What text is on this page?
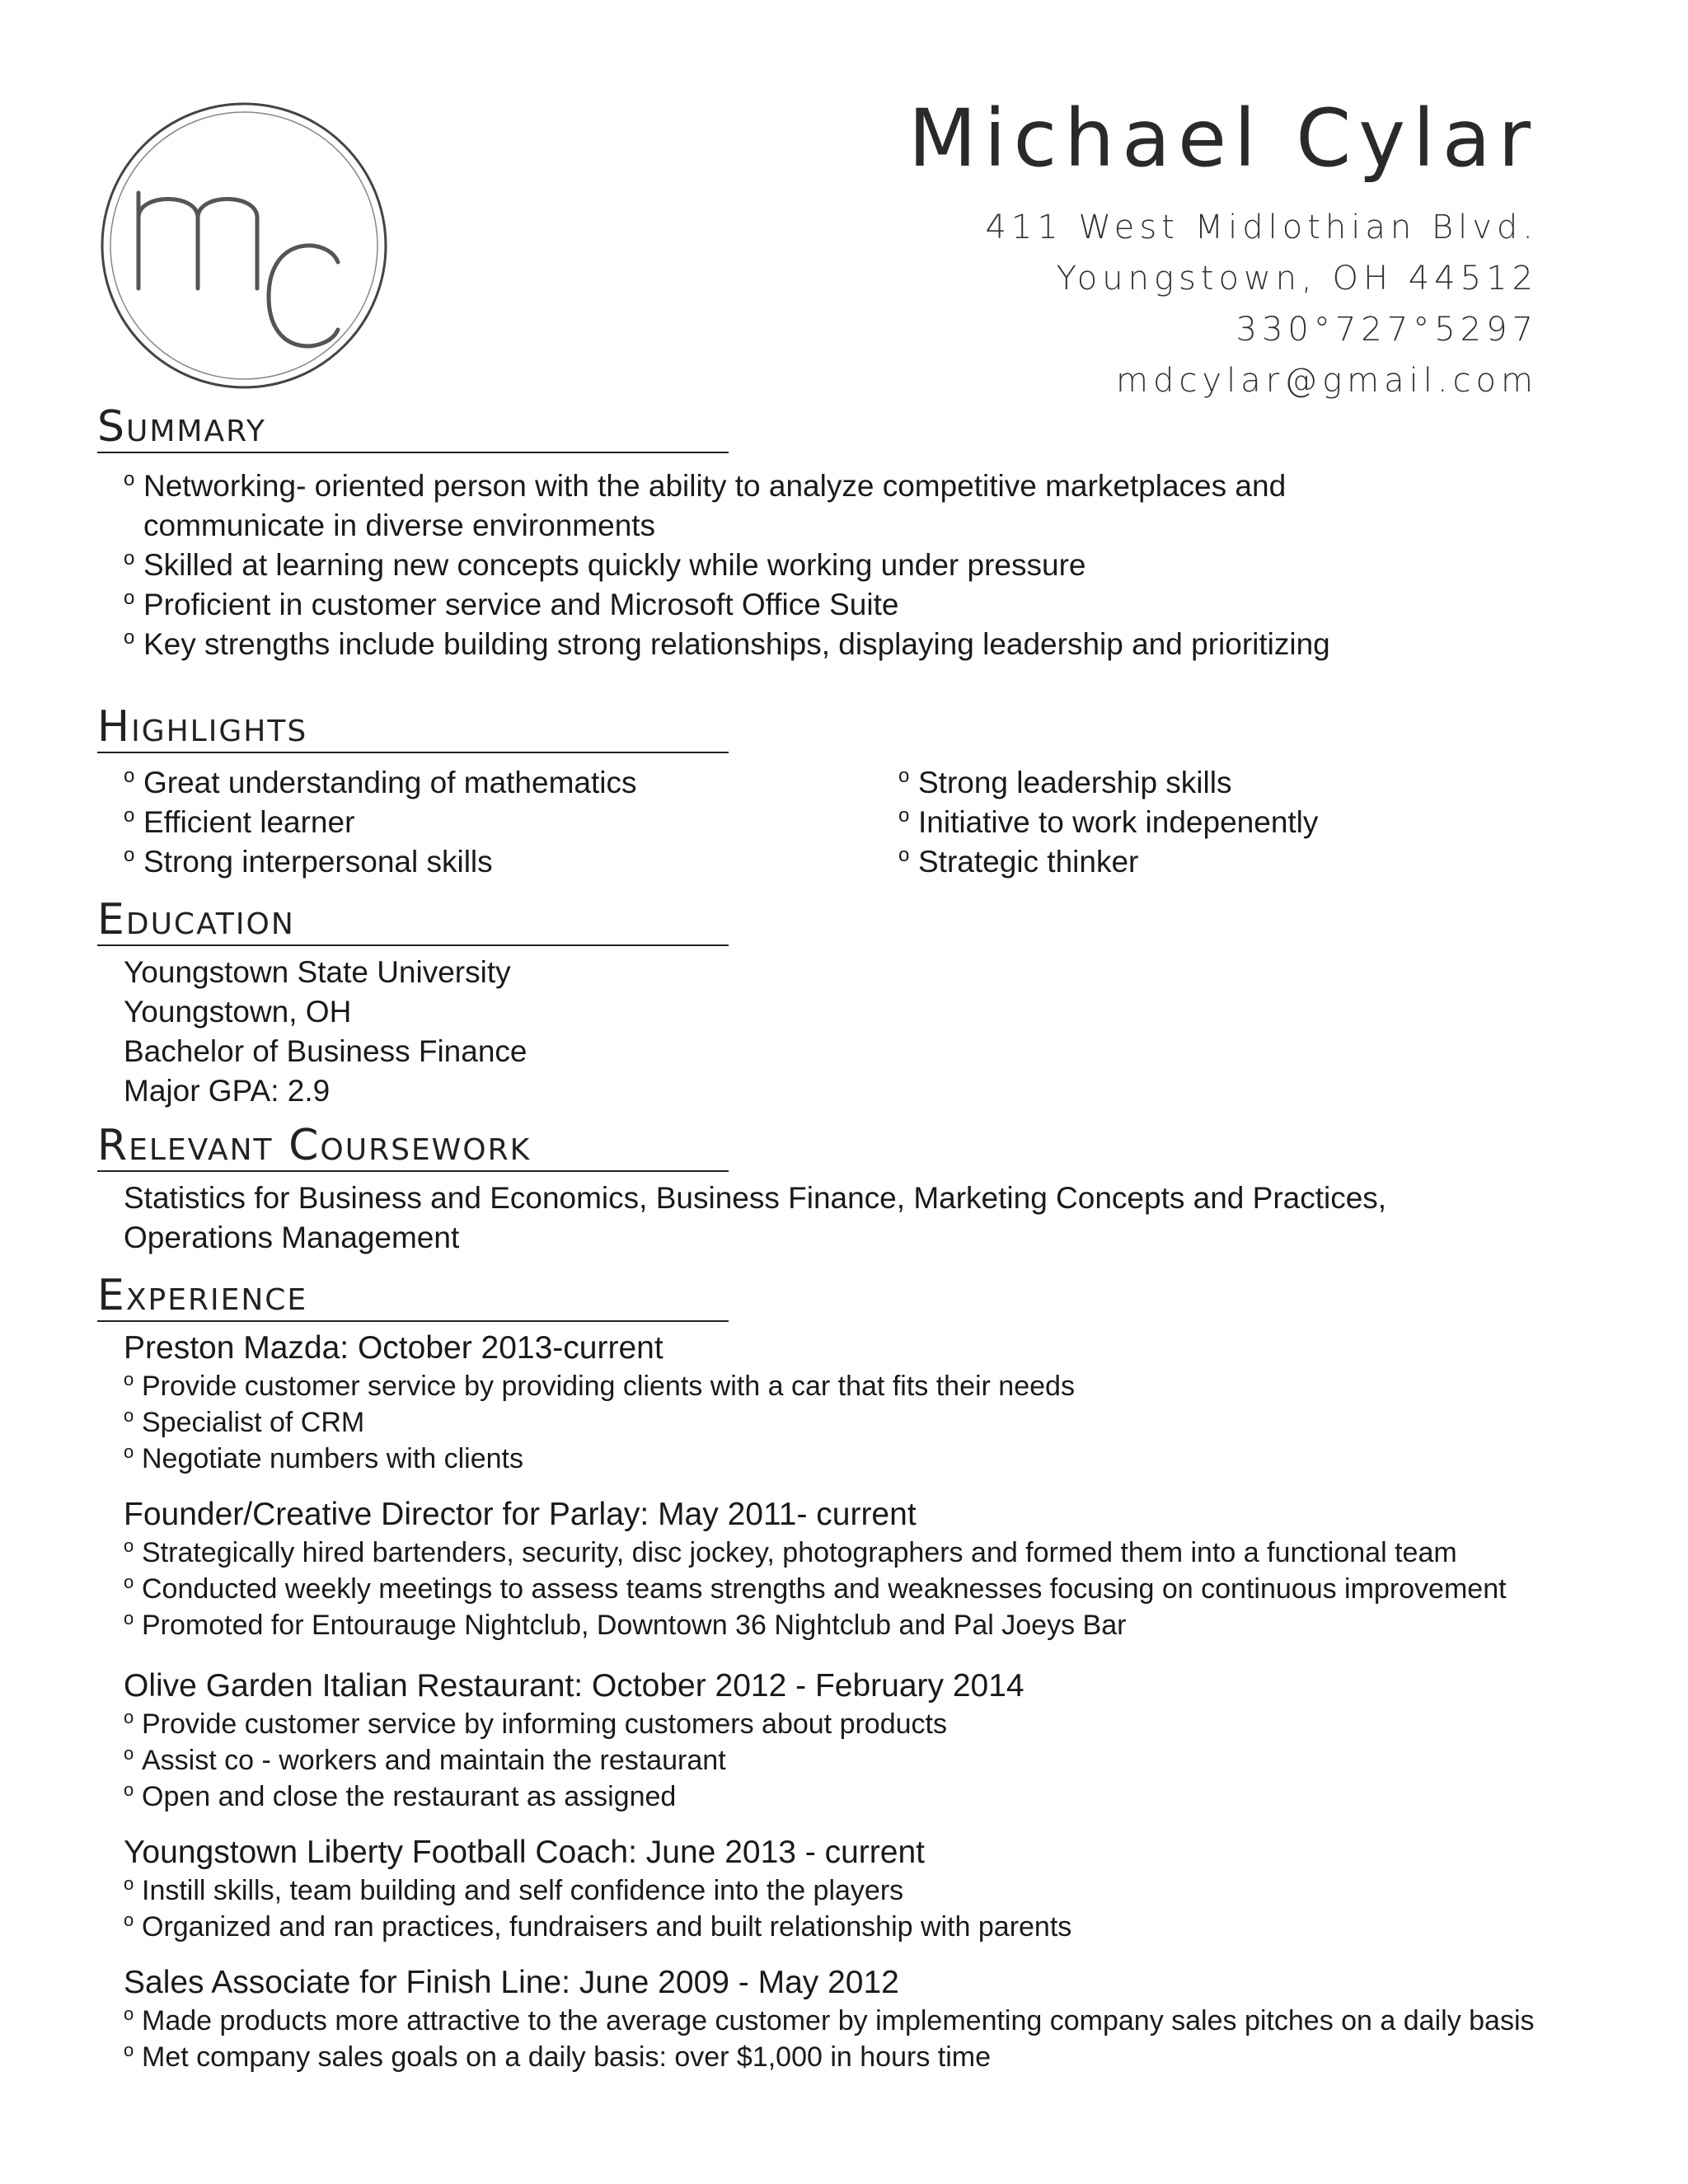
Michael Cylar
411 West Midlothian Blvd.
Youngstown, OH 44512
330°727°5297
mdcylar@gmail.com
Summary
o Networking- oriented person with the ability to analyze competitive marketplaces and communicate in diverse environments
o Skilled at learning new concepts quickly while working under pressure
o Proficient in customer service and Microsoft Office Suite
o Key strengths include building strong relationships, displaying leadership and prioritizing
Highlights
o Great understanding of mathematics
o Efficient learner
o Strong interpersonal skills
o Strong leadership skills
o Initiative to work indepenently
o Strategic thinker
Education
Youngstown State University
Youngstown, OH
Bachelor of Business Finance
Major GPA: 2.9
Relevant Coursework
Statistics for Business and Economics, Business Finance, Marketing Concepts and Practices,
Operations Management
Experience
Preston Mazda: October 2013-current
o Provide customer service by providing clients with a car that fits their needs
o Specialist of CRM
o Negotiate numbers with clients
Founder/Creative Director for Parlay: May 2011- current
o Strategically hired bartenders, security, disc jockey, photographers and formed them into a functional team
o Conducted weekly meetings to assess teams strengths and weaknesses focusing on continuous improvement
o Promoted for Entourauge Nightclub, Downtown 36 Nightclub and Pal Joeys Bar
Olive Garden Italian Restaurant: October 2012 - February 2014
o Provide customer service by informing customers about products
o Assist co - workers and maintain the restaurant
o Open and close the restaurant as assigned
Youngstown Liberty Football Coach: June 2013 - current
o Instill skills, team building and self confidence into the players
o Organized and ran practices, fundraisers and built relationship with parents
Sales Associate for Finish Line: June 2009 - May 2012
o Made products more attractive to the average customer by implementing company sales pitches on a daily basis
o Met company sales goals on a daily basis: over $1,000 in hours time
